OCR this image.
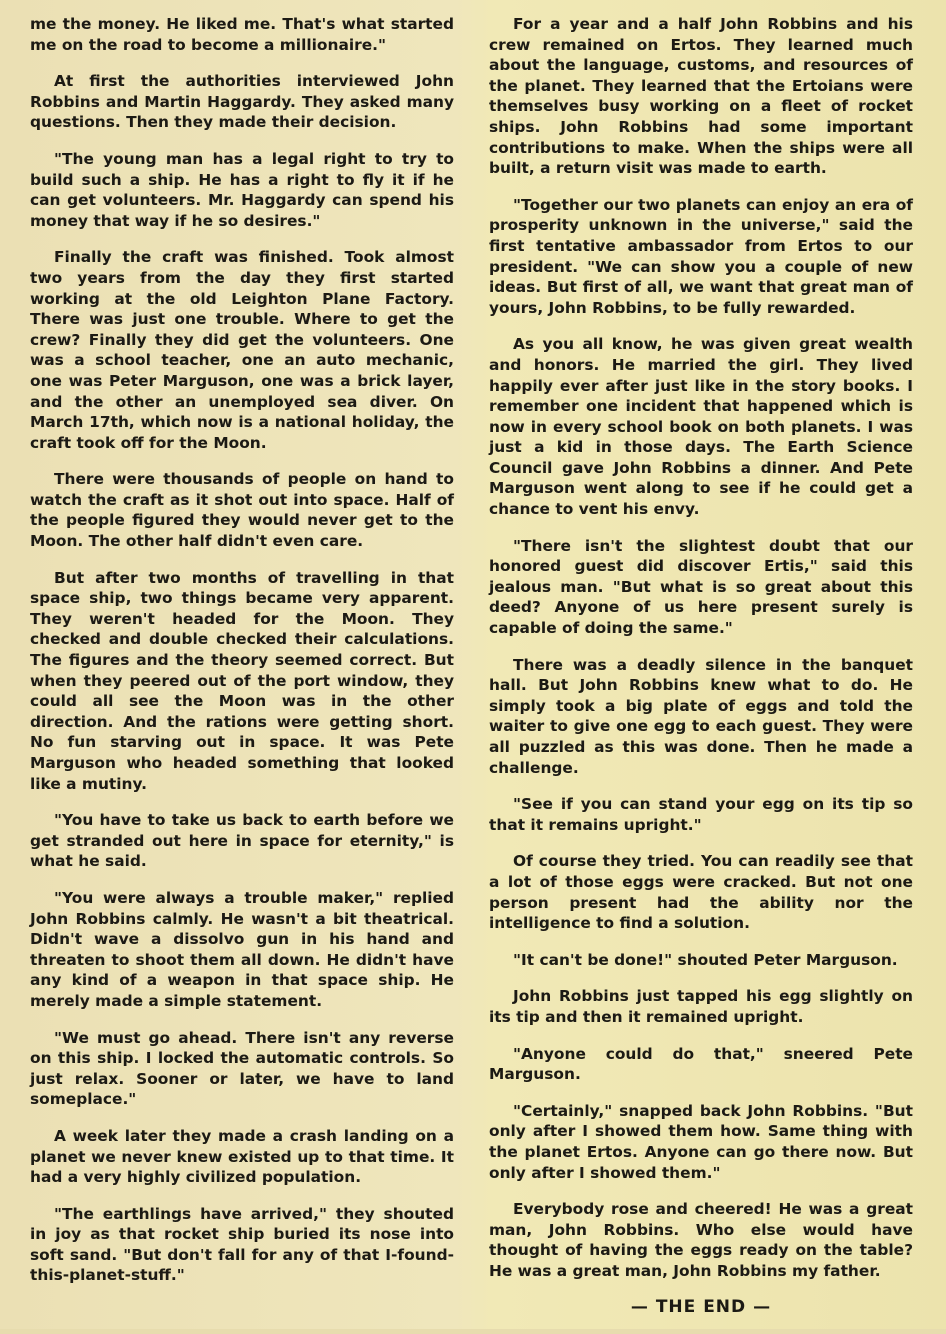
me the money. He liked me. That's what started me on the road to become a millionaire."

At first the authorities interviewed John Robbins and Martin Haggardy. They asked many questions. Then they made their decision.

"The young man has a legal right to try to build such a ship. He has a right to fly it if he can get volunteers. Mr. Haggardy can spend his money that way if he so desires."

Finally the craft was finished. Took almost two years from the day they first started working at the old Leighton Plane Factory. There was just one trouble. Where to get the crew? Finally they did get the volunteers. One was a school teacher, one an auto mechanic, one was Peter Marguson, one was a brick layer, and the other an unemployed sea diver. On March 17th, which now is a national holiday, the craft took off for the Moon.

There were thousands of people on hand to watch the craft as it shot out into space. Half of the people figured they would never get to the Moon. The other half didn't even care.

But after two months of travelling in that space ship, two things became very apparent. They weren't headed for the Moon. They checked and double checked their calculations. The figures and the theory seemed correct. But when they peered out of the port window, they could all see the Moon was in the other direction. And the rations were getting short. No fun starving out in space. It was Pete Marguson who headed something that looked like a mutiny.

"You have to take us back to earth before we get stranded out here in space for eternity," is what he said.

"You were always a trouble maker," replied John Robbins calmly. He wasn't a bit theatrical. Didn't wave a dissolvo gun in his hand and threaten to shoot them all down. He didn't have any kind of a weapon in that space ship. He merely made a simple statement.

"We must go ahead. There isn't any reverse on this ship. I locked the automatic controls. So just relax. Sooner or later, we have to land someplace."

A week later they made a crash landing on a planet we never knew existed up to that time. It had a very highly civilized population.

"The earthlings have arrived," they shouted in joy as that rocket ship buried its nose into soft sand. "But don't fall for any of that I-found-this-planet-stuff."

For a year and a half John Robbins and his crew remained on Ertos. They learned much about the language, customs, and resources of the planet. They learned that the Ertoians were themselves busy working on a fleet of rocket ships. John Robbins had some important contributions to make. When the ships were all built, a return visit was made to earth.

"Together our two planets can enjoy an era of prosperity unknown in the universe," said the first tentative ambassador from Ertos to our president. "We can show you a couple of new ideas. But first of all, we want that great man of yours, John Robbins, to be fully rewarded.

As you all know, he was given great wealth and honors. He married the girl. They lived happily ever after just like in the story books. I remember one incident that happened which is now in every school book on both planets. I was just a kid in those days. The Earth Science Council gave John Robbins a dinner. And Pete Marguson went along to see if he could get a chance to vent his envy.

"There isn't the slightest doubt that our honored guest did discover Ertis," said this jealous man. "But what is so great about this deed? Anyone of us here present surely is capable of doing the same."

There was a deadly silence in the banquet hall. But John Robbins knew what to do. He simply took a big plate of eggs and told the waiter to give one egg to each guest. They were all puzzled as this was done. Then he made a challenge.

"See if you can stand your egg on its tip so that it remains upright."

Of course they tried. You can readily see that a lot of those eggs were cracked. But not one person present had the ability nor the intelligence to find a solution.

"It can't be done!" shouted Peter Marguson.

John Robbins just tapped his egg slightly on its tip and then it remained upright.

"Anyone could do that," sneered Pete Marguson.

"Certainly," snapped back John Robbins. "But only after I showed them how. Same thing with the planet Ertos. Anyone can go there now. But only after I showed them."

Everybody rose and cheered! He was a great man, John Robbins. Who else would have thought of having the eggs ready on the table? He was a great man, John Robbins my father.

— THE END —
